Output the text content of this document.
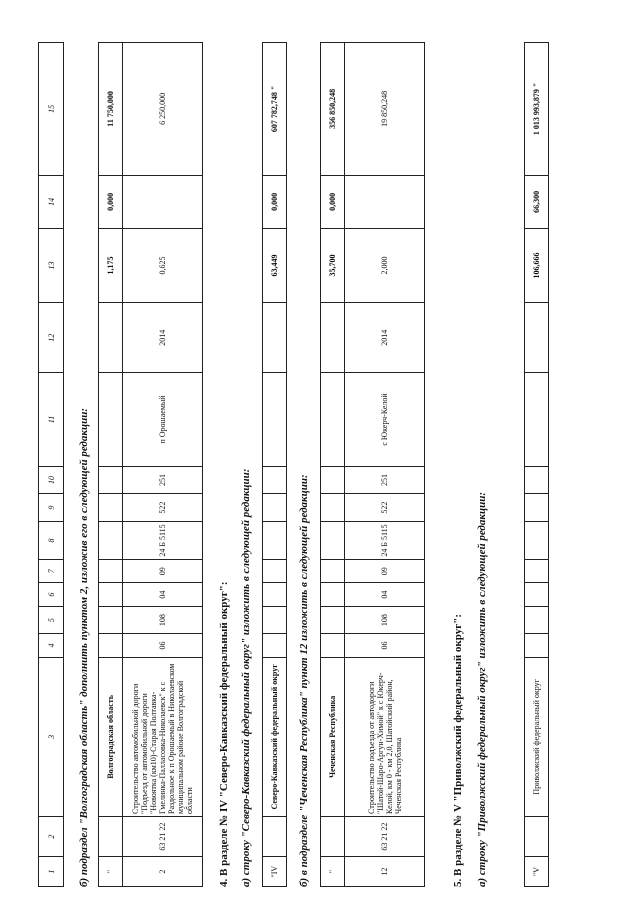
1	2	3	4	5	6	7	8	9	10	11	12	13	14	15
б) подраздел "Волгоградская область" дополнить пунктом 2, изложив его в следующей редакции: "		Волгоградская область										1,175	0,000	11 750,000
2	63 21 22	Строительство автомобильной дороги "Подъезд от автомобильной дороги "Новоятка (км10)-Старая Полтавка-Гмелинка-Палласовка-Николаевск" к с Раздольное к п Орошаемый в Николаевском муниципальном районе Волгоградской области	06	108	04	09	24 Б 5115	522	251	п Орошаемый	2014	0,625		6 250,000
4. В разделе № IV "Северо-Кавказский федеральный округ": а) строку "Северо-Кавказский федеральный округ" изложить в следующей редакции: "IV		Северо-Кавказский федеральный округ										63,449	0,000	607 782,748 "
б) в подразделе "Чеченская Республика" пункт 12 изложить в следующей редакции: "		Чеченская Республика										35,700	0,000	356 850,248
12	63 21 22	Строительство подъезда от автодороги "Шатой-Шаро-Аргун-Химой" к с Юкерч-Келой, км 0 - км 2,0, Шатойский район, Чеченская Республика	06	108	04	09	24 Б 5115	522	251	с Юкерч-Келой	2014	2,000		19 850,248
5. В разделе № V "Приволжский федеральный округ": а) строку "Приволжский федеральный округ" изложить в следующей редакции:	"V		Приволжский федеральный округ										106,666	66,300	1 013 993,879 "
